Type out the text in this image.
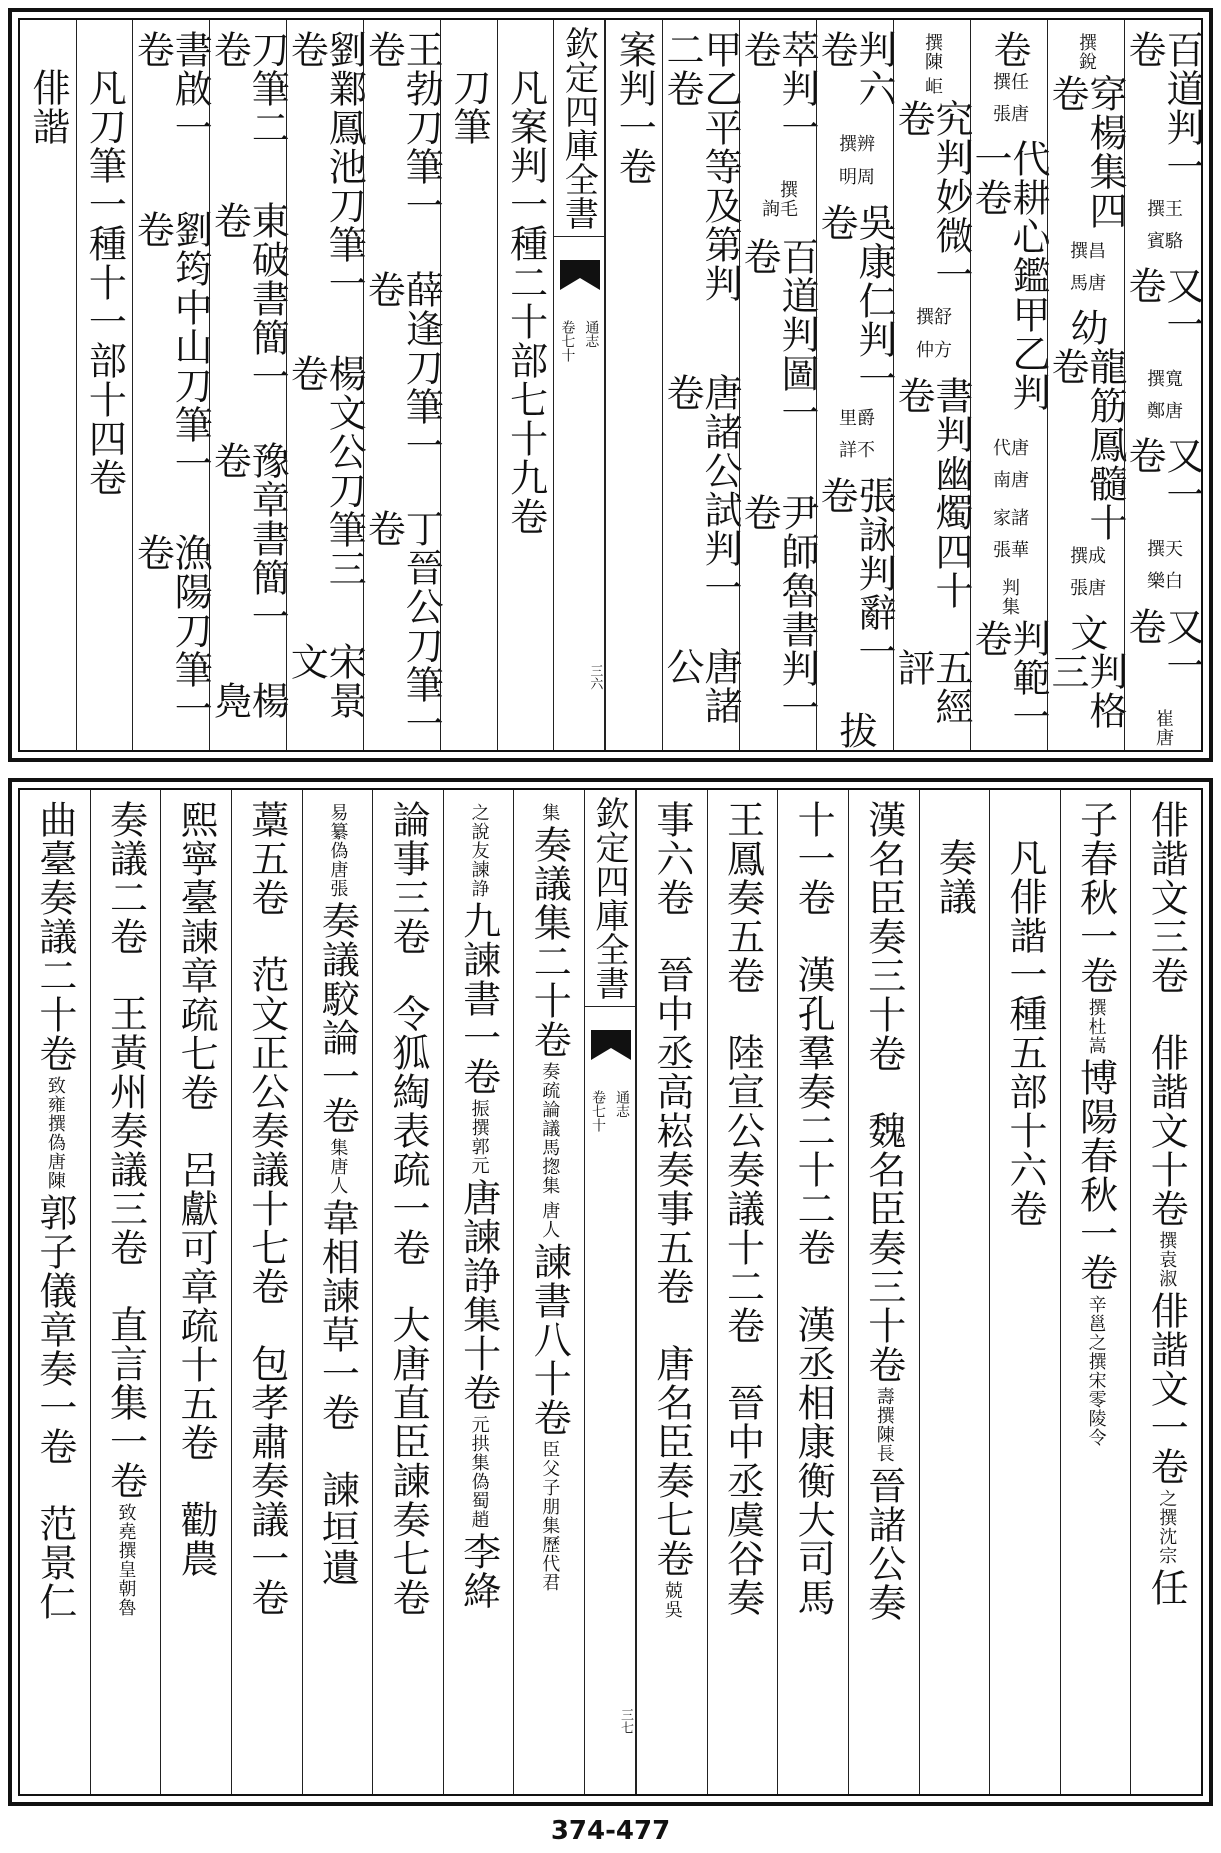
百道判一卷
駱賓
王撰
又一卷
唐鄭
寬撰
又一卷
白樂
天撰
又一卷
唐
崔
銳
撰
穿楊集四卷
唐馬
昌撰
幼
龍筋鳳髓十卷
唐張
成撰
文
判格三
卷
唐張
任撰
代耕心鑑甲乙判一卷
唐南
唐代
華張
諸家
集
判
判範一卷
陳
撰
岠
究判妙微一卷
方仲
舒撰
書判幽燭四十卷
五經評
判六卷
周明
辨撰
吳康仁判一卷
不詳
爵里
張詠判辭一卷
拔
萃判一卷
毛詢
撰
百道判圖一卷
尹師魯書判一卷
甲乙平等及第判二卷
唐諸公試判一卷
唐諸公
案判一卷
欽定四庫全書
通志
卷七十
三六
凡案判一種二十部七十九卷
刀筆
王勃刀筆一卷
薛逢刀筆一卷
丁晉公刀筆一卷
劉鄴鳳池刀筆一卷
楊文公刀筆三卷
宋景文
刀筆二卷
東破書簡一卷
豫章書簡一卷
楊鳧
書啟一卷
劉筠中山刀筆一卷
漁陽刀筆一卷
凡刀筆一種十一部十四卷
俳諧
俳諧文三卷
俳諧文十卷
袁淑
撰
俳諧文一卷
沈宗
之撰
任
子春秋一卷
杜嵩
撰
博陽春秋一卷
宋零陵令
辛邕之撰
凡俳諧一種五部十六卷
奏議
漢名臣奏三十卷
魏名臣奏三十卷
陳長
壽撰
晉諸公奏
十一卷
漢孔羣奏二十二卷
漢丞相康衡大司馬
王鳳奏五卷
陸宣公奏議十二卷
晉中丞虞谷奏
事六卷
晉中丞高崧奏事五卷
唐名臣奏七卷
吳
兢
欽定四庫全書
通志
卷七十
三七
集
奏議集二十卷
馬揔集
奏疏論議
唐人
諫書八十卷
集歷代君
臣父子朋
友諫諍
之說
九諫書一卷
郭元
振撰
唐諫諍集十卷
偽蜀趙
元拱集
李絳
論事三卷
令狐綯表疏一卷
大唐直臣諫奏七卷
偽唐張
易纂
奏議駮論一卷
唐人
集
韋相諫草一卷
諫垣遺
藁五卷
范文正公奏議十七卷
包孝肅奏議一卷
熙寧臺諫章疏七卷
呂獻可章疏十五卷
勸農
奏議二卷
王黃州奏議三卷
直言集一卷
皇朝魯
致堯撰
曲臺奏議二十卷
偽唐陳
致雍撰
郭子儀章奏一卷
范景仁
374-477
